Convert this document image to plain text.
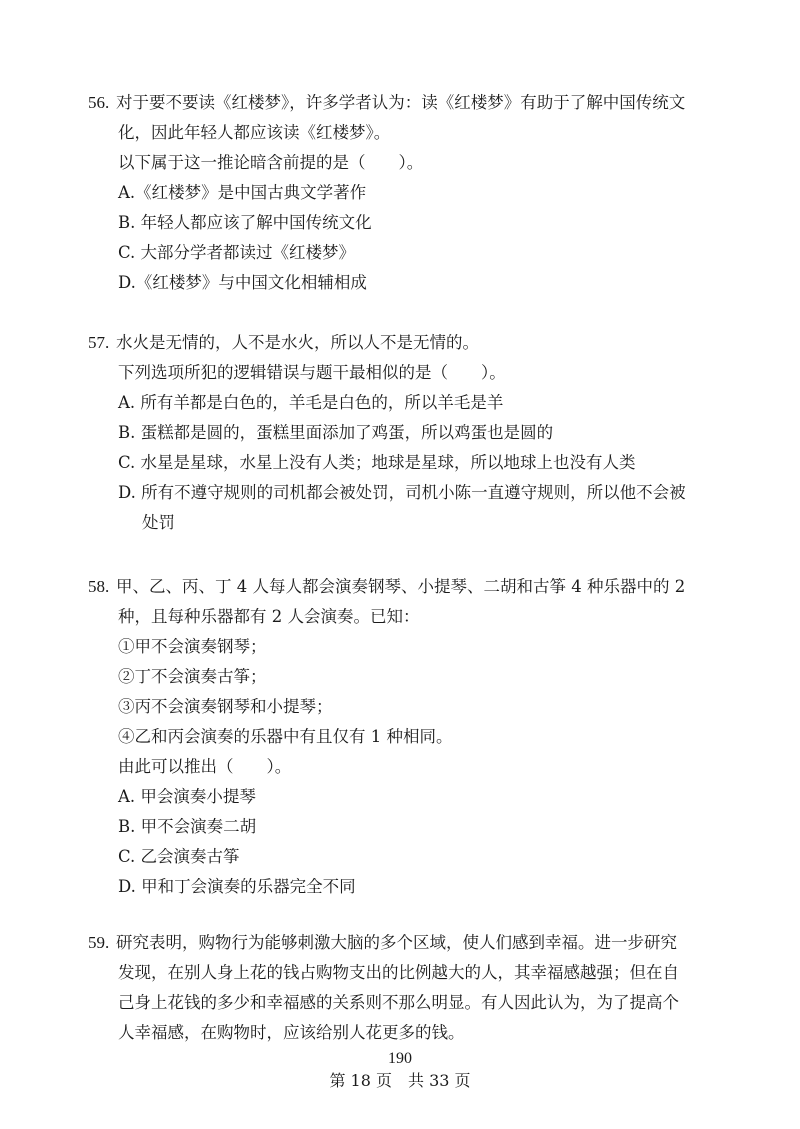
56. 对于要不要读《红楼梦》，许多学者认为：读《红楼梦》有助于了解中国传统文
化，因此年轻人都应该读《红楼梦》。
以下属于这一推论暗含前提的是（　　）。
A.《红楼梦》是中国古典文学著作
B. 年轻人都应该了解中国传统文化
C. 大部分学者都读过《红楼梦》
D.《红楼梦》与中国文化相辅相成
57. 水火是无情的，人不是水火，所以人不是无情的。
下列选项所犯的逻辑错误与题干最相似的是（　　）。
A. 所有羊都是白色的，羊毛是白色的，所以羊毛是羊
B. 蛋糕都是圆的，蛋糕里面添加了鸡蛋，所以鸡蛋也是圆的
C. 水星是星球，水星上没有人类；地球是星球，所以地球上也没有人类
D. 所有不遵守规则的司机都会被处罚，司机小陈一直遵守规则，所以他不会被
处罚
58. 甲、乙、丙、丁 4 人每人都会演奏钢琴、小提琴、二胡和古筝 4 种乐器中的 2
种，且每种乐器都有 2 人会演奏。已知：
①甲不会演奏钢琴；
②丁不会演奏古筝；
③丙不会演奏钢琴和小提琴；
④乙和丙会演奏的乐器中有且仅有 1 种相同。
由此可以推出（　　）。
A. 甲会演奏小提琴
B. 甲不会演奏二胡
C. 乙会演奏古筝
D. 甲和丁会演奏的乐器完全不同
59. 研究表明，购物行为能够刺激大脑的多个区域，使人们感到幸福。进一步研究
发现，在别人身上花的钱占购物支出的比例越大的人，其幸福感越强；但在自
己身上花钱的多少和幸福感的关系则不那么明显。有人因此认为，为了提高个
人幸福感，在购物时，应该给别人花更多的钱。
190
第 18 页　共 33 页
